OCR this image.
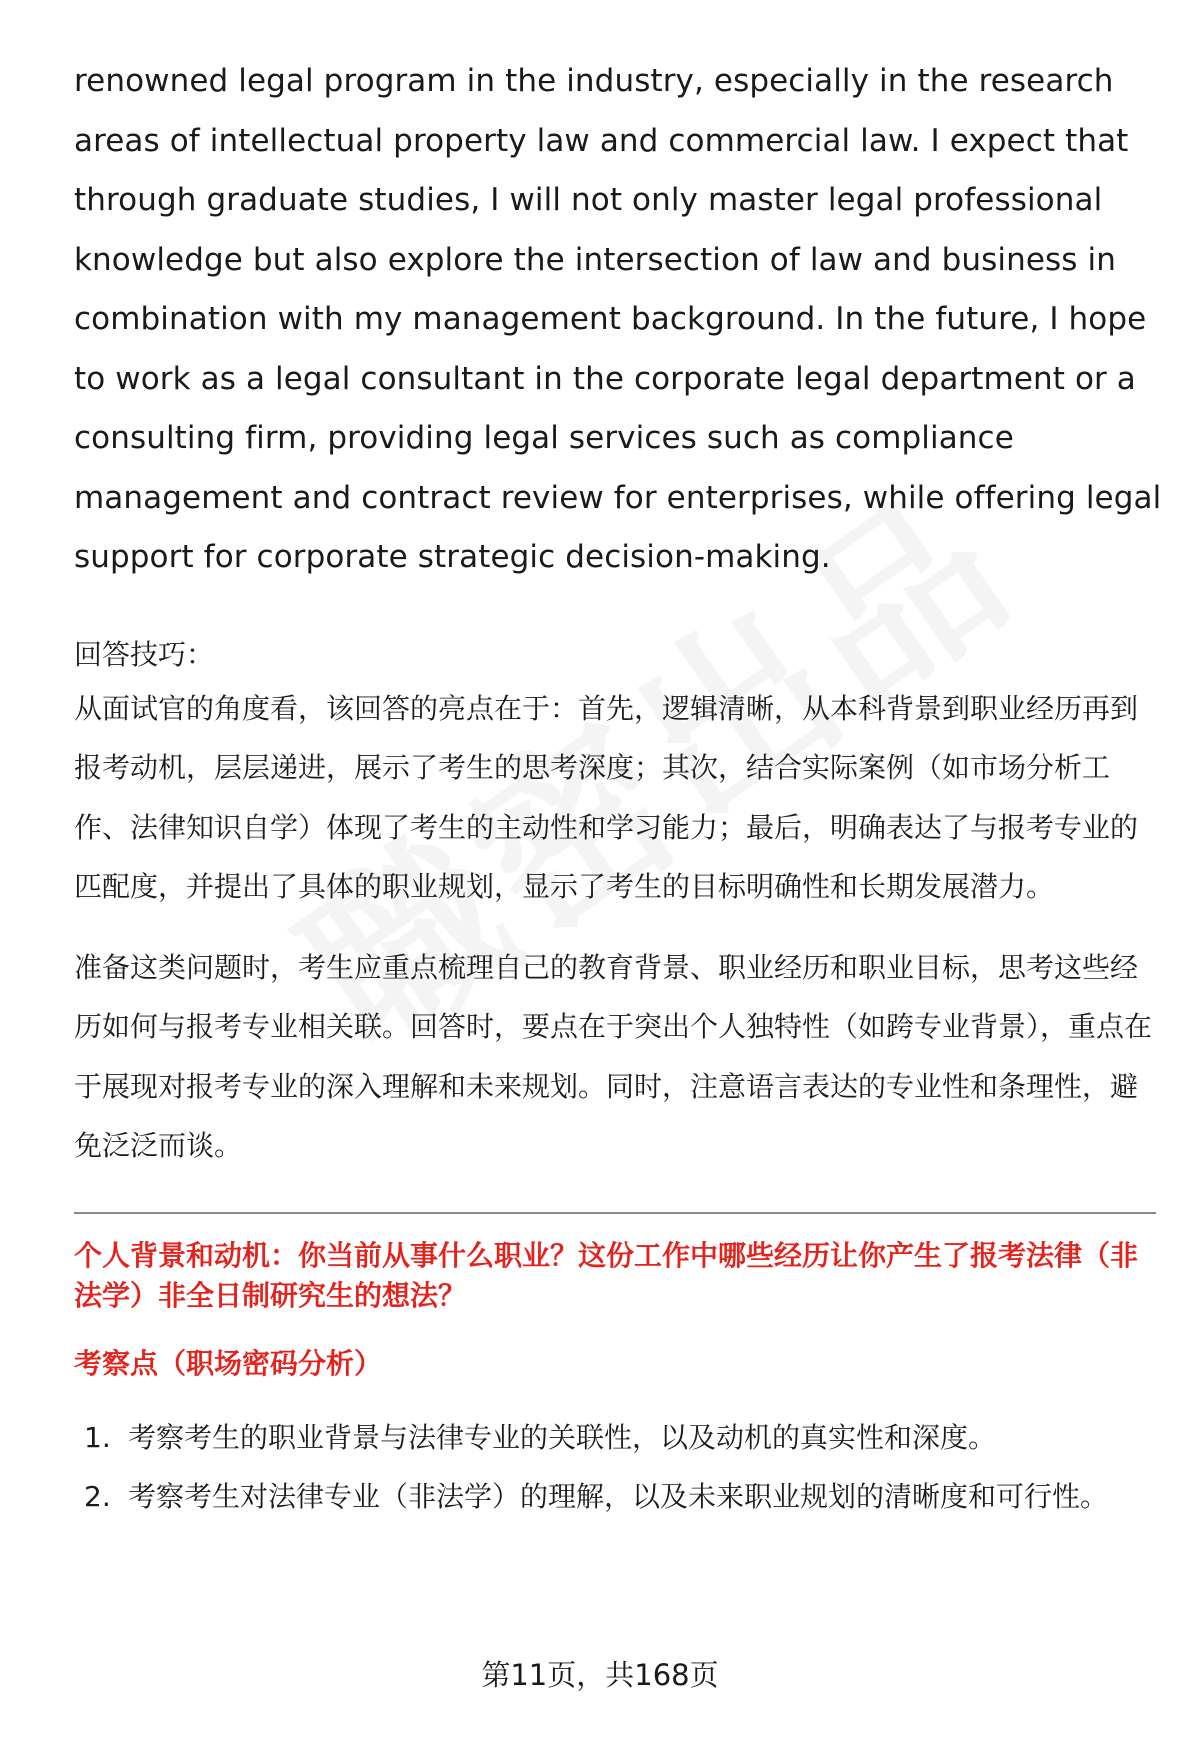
renowned legal program in the industry, especially in the research areas of intellectual property law and commercial law. I expect that through graduate studies, I will not only master legal professional knowledge but also explore the intersection of law and business in combination with my management background. In the future, I hope to work as a legal consultant in the corporate legal department or a consulting firm, providing legal services such as compliance management and contract review for enterprises, while offering legal support for corporate strategic decision-making.

回答技巧：

从面试官的角度看，该回答的亮点在于：首先，逻辑清晰，从本科背景到职业经历再到报考动机，层层递进，展示了考生的思考深度；其次，结合实际案例（如市场分析工作、法律知识自学）体现了考生的主动性和学习能力；最后，明确表达了与报考专业的匹配度，并提出了具体的职业规划，显示了考生的目标明确性和长期发展潜力。

准备这类问题时，考生应重点梳理自己的教育背景、职业经历和职业目标，思考这些经历如何与报考专业相关联。回答时，要点在于突出个人独特性（如跨专业背景），重点在于展现对报考专业的深入理解和未来规划。同时，注意语言表达的专业性和条理性，避免泛泛而谈。

个人背景和动机：你当前从事什么职业？这份工作中哪些经历让你产生了报考法律（非法学）非全日制研究生的想法？

考察点（职场密码分析）
1. 考察考生的职业背景与法律专业的关联性，以及动机的真实性和深度。
2. 考察考生对法律专业（非法学）的理解，以及未来职业规划的清晰度和可行性。
第11页，共168页
